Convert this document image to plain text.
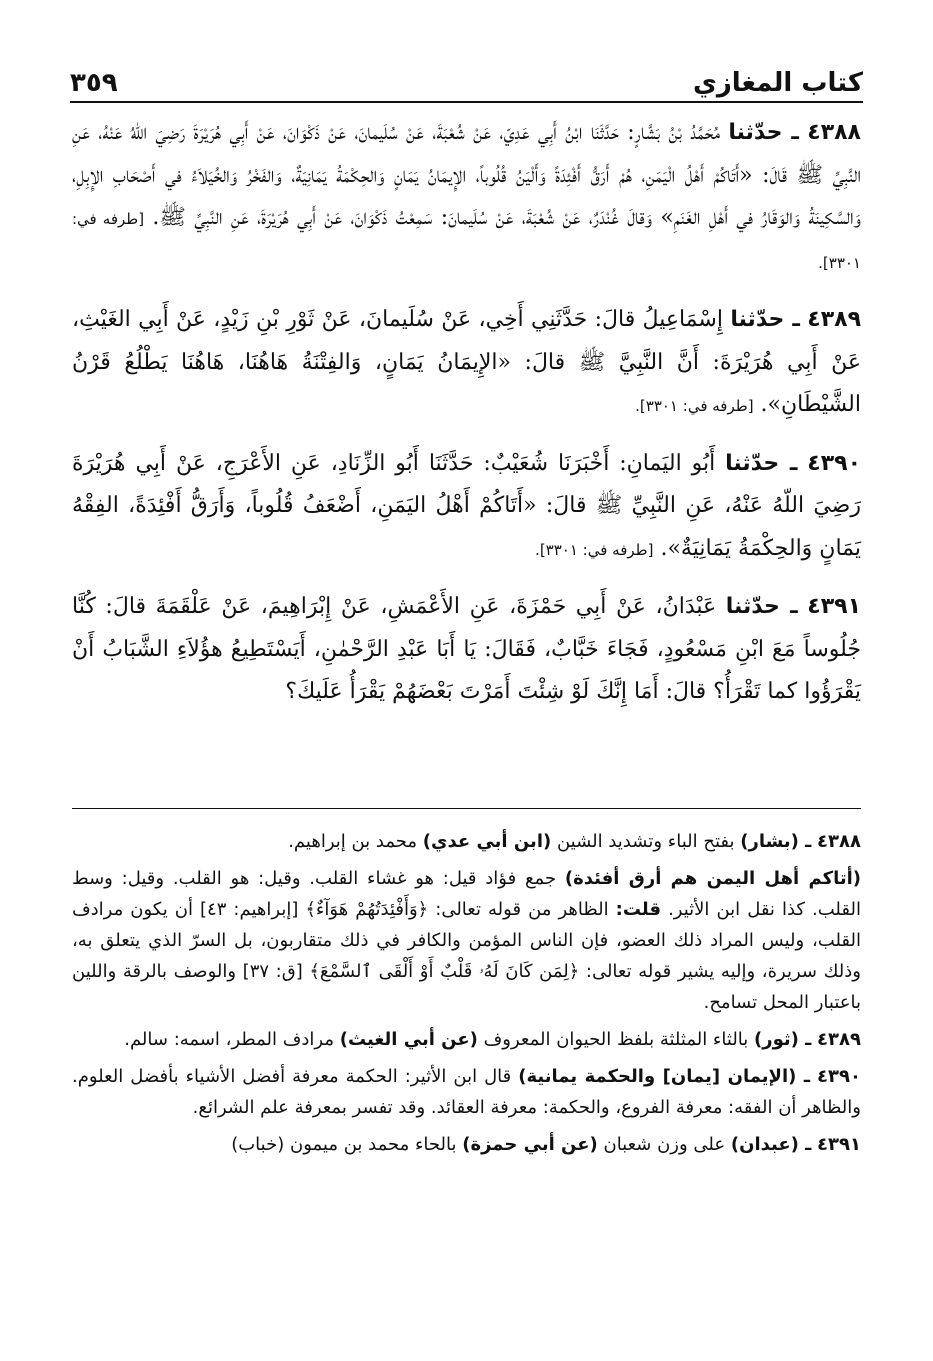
٣٥٩	كتاب المغازي

٤٣٨٨ ـ حدّثنا مُحَمَّدُ بْنُ بَشَّارٍ: حَدَّثَنَا ابْنُ أَبِي عَدِيّ، عَنْ شُعْبَةَ، عَنْ سُلَيمانَ، عَنْ ذَكْوَانَ، عَنْ أَبِي هُرَيْرَةَ رَضِيَ اللّهُ عَنْهُ، عَنِ النَّبِيِّ ﷺ قَالَ: «أَتَاكُمْ أَهْلُ الْيَمَنِ، هُمْ أَرَقُّ أَفْئِدَةً وَأَلْيَنُ قُلُوباً، الإِيمَانُ يَمَانٍ وَالحِكْمَةُ يَمَانِيَةٌ، وَالفَخْرُ وَالخُيَلاَءُ في أَصْحَابِ الإِبِلِ، وَالسَّكِينَةُ وَالوَقَارُ في أَهْلِ الغَنَمِ» وَقالَ غُنْدَرٌ، عَنْ شُعْبَةَ، عَنْ سُلَيمانَ: سَمِعْتُ ذَكْوَانَ، عَنْ أَبِي هُرَيْرَةَ، عَنِ النَّبِيِّ ﷺ. [طرفه في: ٣٣٠١].

٤٣٨٩ ـ حدّثنا إِسْمَاعِيلُ قالَ: حَدَّثَنِي أَخِي، عَنْ سُلَيمانَ، عَنْ ثَوْرِ بْنِ زَيْدٍ، عَنْ أَبِي الغَيْثِ، عَنْ أَبِي هُرَيْرَةَ: أَنَّ النَّبِيَّ ﷺ قالَ: «الإِيمَانُ يَمَانٍ، وَالفِتْنَةُ هَاهُنَا، هَاهُنَا يَطْلُعُ قَرْنُ الشَّيْطَانِ». [طرفه في: ٣٣٠١].

٤٣٩٠ ـ حدّثنا أَبُو اليَمانِ: أَخْبَرَنَا شُعَيْبٌ: حَدَّثَنَا أَبُو الزِّنَادِ، عَنِ الأَعْرَجِ، عَنْ أَبِي هُرَيْرَةَ رَضِيَ اللّهُ عَنْهُ، عَنِ النَّبِيِّ ﷺ قالَ: «أَتَاكُمْ أَهْلُ اليَمَنِ، أَضْعَفُ قُلُوباً، وَأَرَقُّ أَفْئِدَةً، الفِقْهُ يَمَانٍ وَالحِكْمَةُ يَمَانِيَةٌ». [طرفه في: ٣٣٠١].

٤٣٩١ ـ حدّثنا عَبْدَانُ، عَنْ أَبِي حَمْزَةَ، عَنِ الأَعْمَشِ، عَنْ إِبْرَاهِيمَ، عَنْ عَلْقَمَةَ قالَ: كُنَّا جُلُوساً مَعَ ابْنِ مَسْعُودٍ، فَجَاءَ خَبَّابٌ، فَقَالَ: يَا أَبَا عَبْدِ الرَّحْمٰنِ، أَيَسْتَطِيعُ هؤُلاَءِ الشَّبَابُ أَنْ يَقْرَؤُوا كما تَقْرَأُ؟ قالَ: أَمَا إِنَّكَ لَوْ شِئْتَ أَمَرْتَ بَعْضَهُمْ يَقْرَأُ عَلَيكَ؟

٤٣٨٨ ـ (بشار) بفتح الباء وتشديد الشين (ابن أبي عدي) محمد بن إبراهيم.

(أتاكم أهل اليمن هم أرق أفئدة) جمع فؤاد قيل: هو غشاء القلب. وقيل: هو القلب. وقيل: وسط القلب. كذا نقل ابن الأثير. قلت: الظاهر من قوله تعالى: ﴿وَأَفْئِدَتُهُمْ هَوَآءٌ﴾ [إبراهيم: ٤٣] أن يكون مرادف القلب، وليس المراد ذلك العضو، فإن الناس المؤمن والكافر في ذلك متقاربون، بل السرّ الذي يتعلق به، وذلك سريرة، وإليه يشير قوله تعالى: ﴿لِمَن كَانَ لَهُۥ قَلْبٌ أَوْ أَلْقَى ٱلسَّمْعَ﴾ [ق: ٣٧] والوصف بالرقة واللين باعتبار المحل تسامح.

٤٣٨٩ ـ (ثور) بالثاء المثلثة بلفظ الحيوان المعروف (عن أبي الغيث) مرادف المطر، اسمه: سالم.

٤٣٩٠ ـ (الإيمان [يمان] والحكمة يمانية) قال ابن الأثير: الحكمة معرفة أفضل الأشياء بأفضل العلوم. والظاهر أن الفقه: معرفة الفروع، والحكمة: معرفة العقائد. وقد تفسر بمعرفة علم الشرائع.

٤٣٩١ ـ (عبدان) على وزن شعبان (عن أبي حمزة) بالحاء محمد بن ميمون (خباب)
